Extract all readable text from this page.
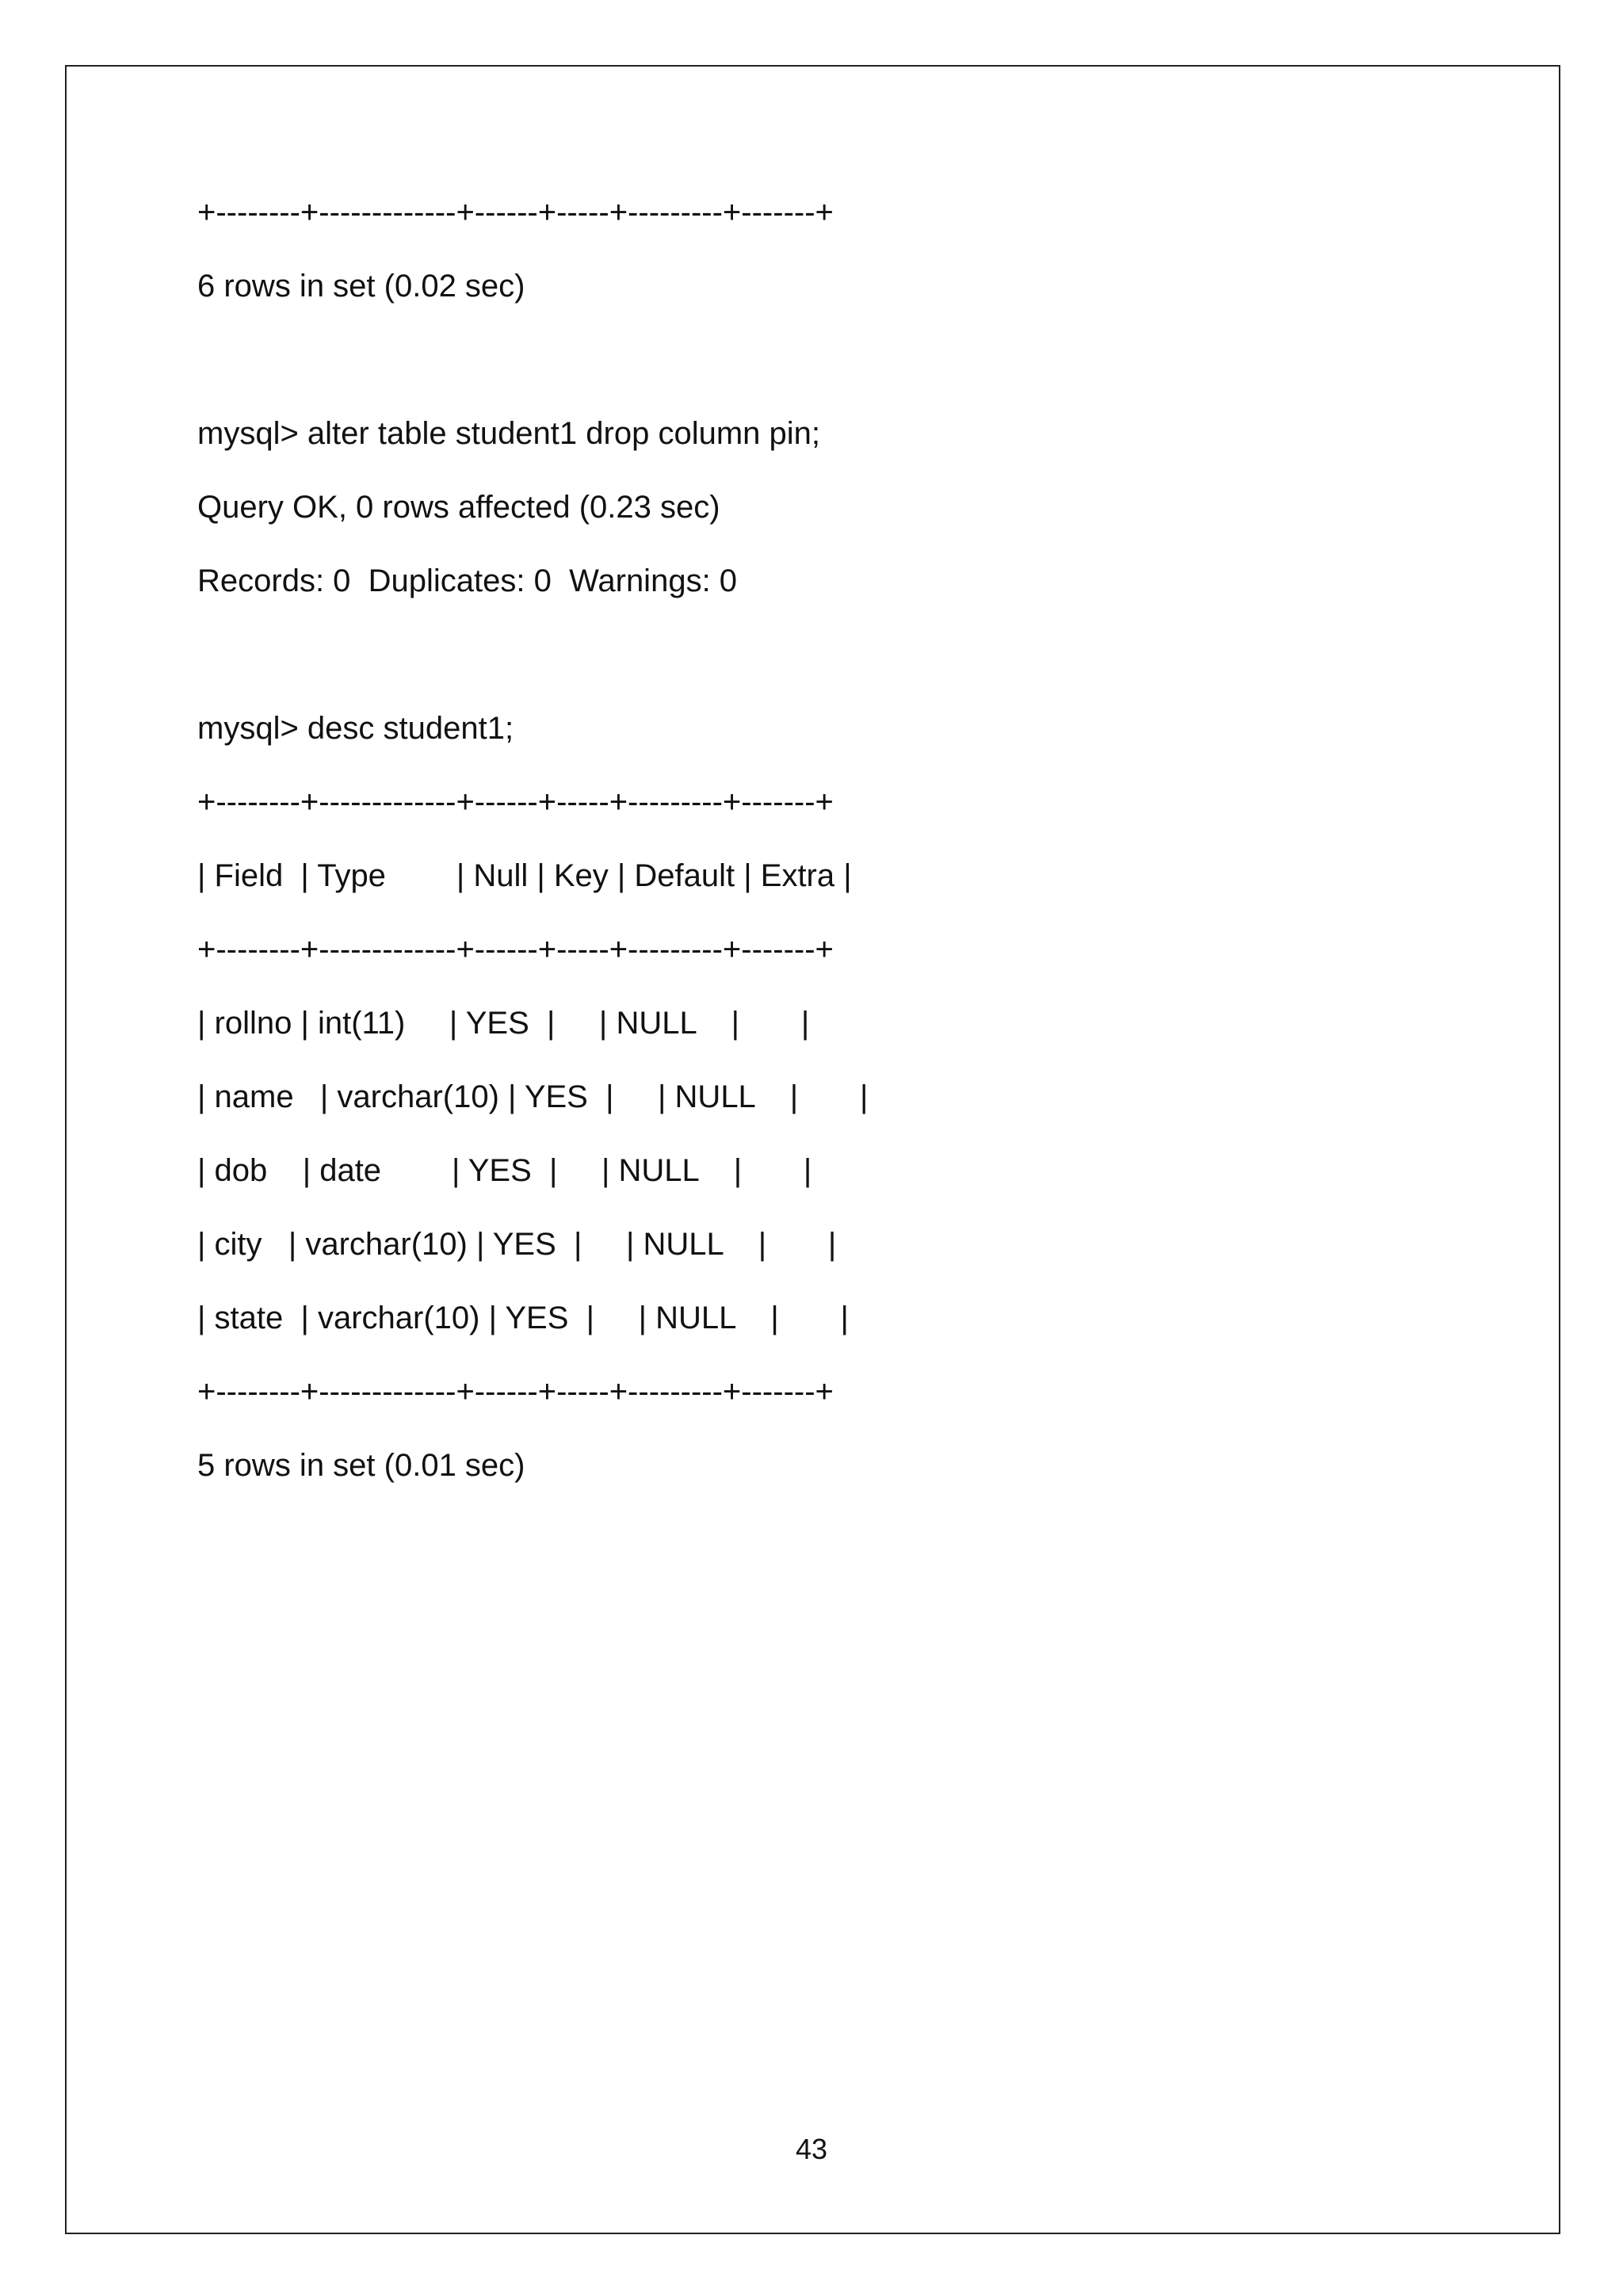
+--------+-------------+------+-----+---------+-------+

6 rows in set (0.02 sec)

mysql> alter table student1 drop column pin;

Query OK, 0 rows affected (0.23 sec)

Records: 0  Duplicates: 0  Warnings: 0

mysql> desc student1;

+--------+-------------+------+-----+---------+-------+

| Field  | Type        | Null | Key | Default | Extra |

+--------+-------------+------+-----+---------+-------+

| rollno | int(11)     | YES  |     | NULL    |       |

| name   | varchar(10) | YES  |     | NULL    |       |

| dob    | date        | YES  |     | NULL    |       |

| city   | varchar(10) | YES  |     | NULL    |       |

| state  | varchar(10) | YES  |     | NULL    |       |

+--------+-------------+------+-----+---------+-------+

5 rows in set (0.01 sec)

43
